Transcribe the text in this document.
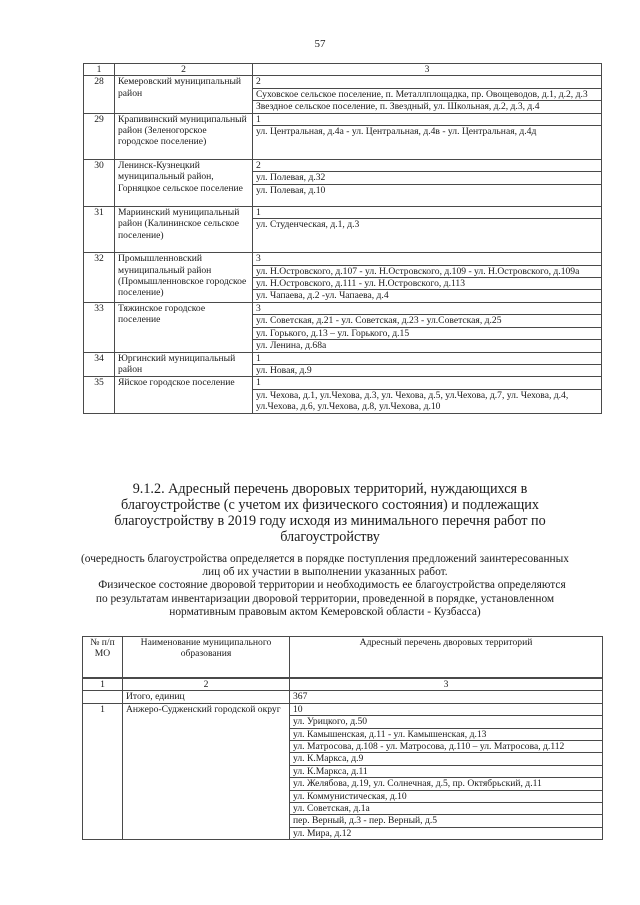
57
1	2	3
28	Кемеровский муниципальный район	2
		Суховское сельское поселение, п. Металлплощадка, пр. Овощеводов, д.1, д.2, д.3
		Звездное сельское поселение, п. Звездный, ул. Школьная, д.2, д.3, д.4
29	Крапивинский муниципальный район (Зеленогорское городское поселение)	1
		ул. Центральная, д.4а - ул. Центральная, д.4в - ул. Центральная, д.4д
30	Ленинск-Кузнецкий муниципальный район, Горняцкое сельское поселение	2
		ул. Полевая, д.32
		ул. Полевая, д.10
31	Мариинский муниципальный район (Калининское сельское поселение)	1
		ул. Студенческая, д.1, д.3
32	Промышленновский муниципальный район (Промышленновское городское поселение)	3
		ул. Н.Островского, д.107 - ул. Н.Островского, д.109 - ул. Н.Островского, д.109а
		ул. Н.Островского, д.111 - ул. Н.Островского, д.113
		ул. Чапаева, д.2 -ул. Чапаева, д.4
33	Тяжинское городское поселение	3
		ул. Советская, д.21 - ул. Советская, д.23 - ул.Советская, д.25
		ул. Горького, д.13 – ул. Горького, д.15
		ул. Ленина, д.68а
34	Юргинский муниципальный район	1
		ул. Новая, д.9
35	Яйское городское поселение	1
		ул. Чехова, д.1, ул.Чехова, д.3, ул. Чехова, д.5, ул.Чехова, д.7, ул. Чехова, д.4, ул.Чехова, д.6, ул.Чехова, д.8, ул.Чехова, д.10
9.1.2. Адресный перечень дворовых территорий, нуждающихся в благоустройстве (с учетом их физического состояния) и подлежащих благоустройству в 2019 году исходя из минимального перечня работ по благоустройству

(очередность благоустройства определяется в порядке поступления предложений заинтересованных лиц об их участии в выполнении указанных работ.

Физическое состояние дворовой территории и необходимость ее благоустройства определяются по результатам инвентаризации дворовой территории, проведенной в порядке, установленном нормативным правовым актом Кемеровской области - Кузбасса)

№ п/п МО	Наименование муниципального образования	Адресный перечень дворовых территорий
1	2	3
	Итого, единиц	367
1	Анжеро-Судженский городской округ	10
		ул. Урицкого, д.50
		ул. Камышенская, д.11 - ул. Камышенская, д.13
		ул. Матросова, д.108 - ул. Матросова, д.110 – ул. Матросова, д.112
		ул. К.Маркса, д.9
		ул. К.Маркса, д.11
		ул. Желябова, д.19, ул. Солнечная, д.5, пр. Октябрьский, д.11
		ул. Коммунистическая, д.10
		ул. Советская, д.1а
		пер. Верный, д.3 - пер. Верный, д.5
		ул. Мира, д.12
